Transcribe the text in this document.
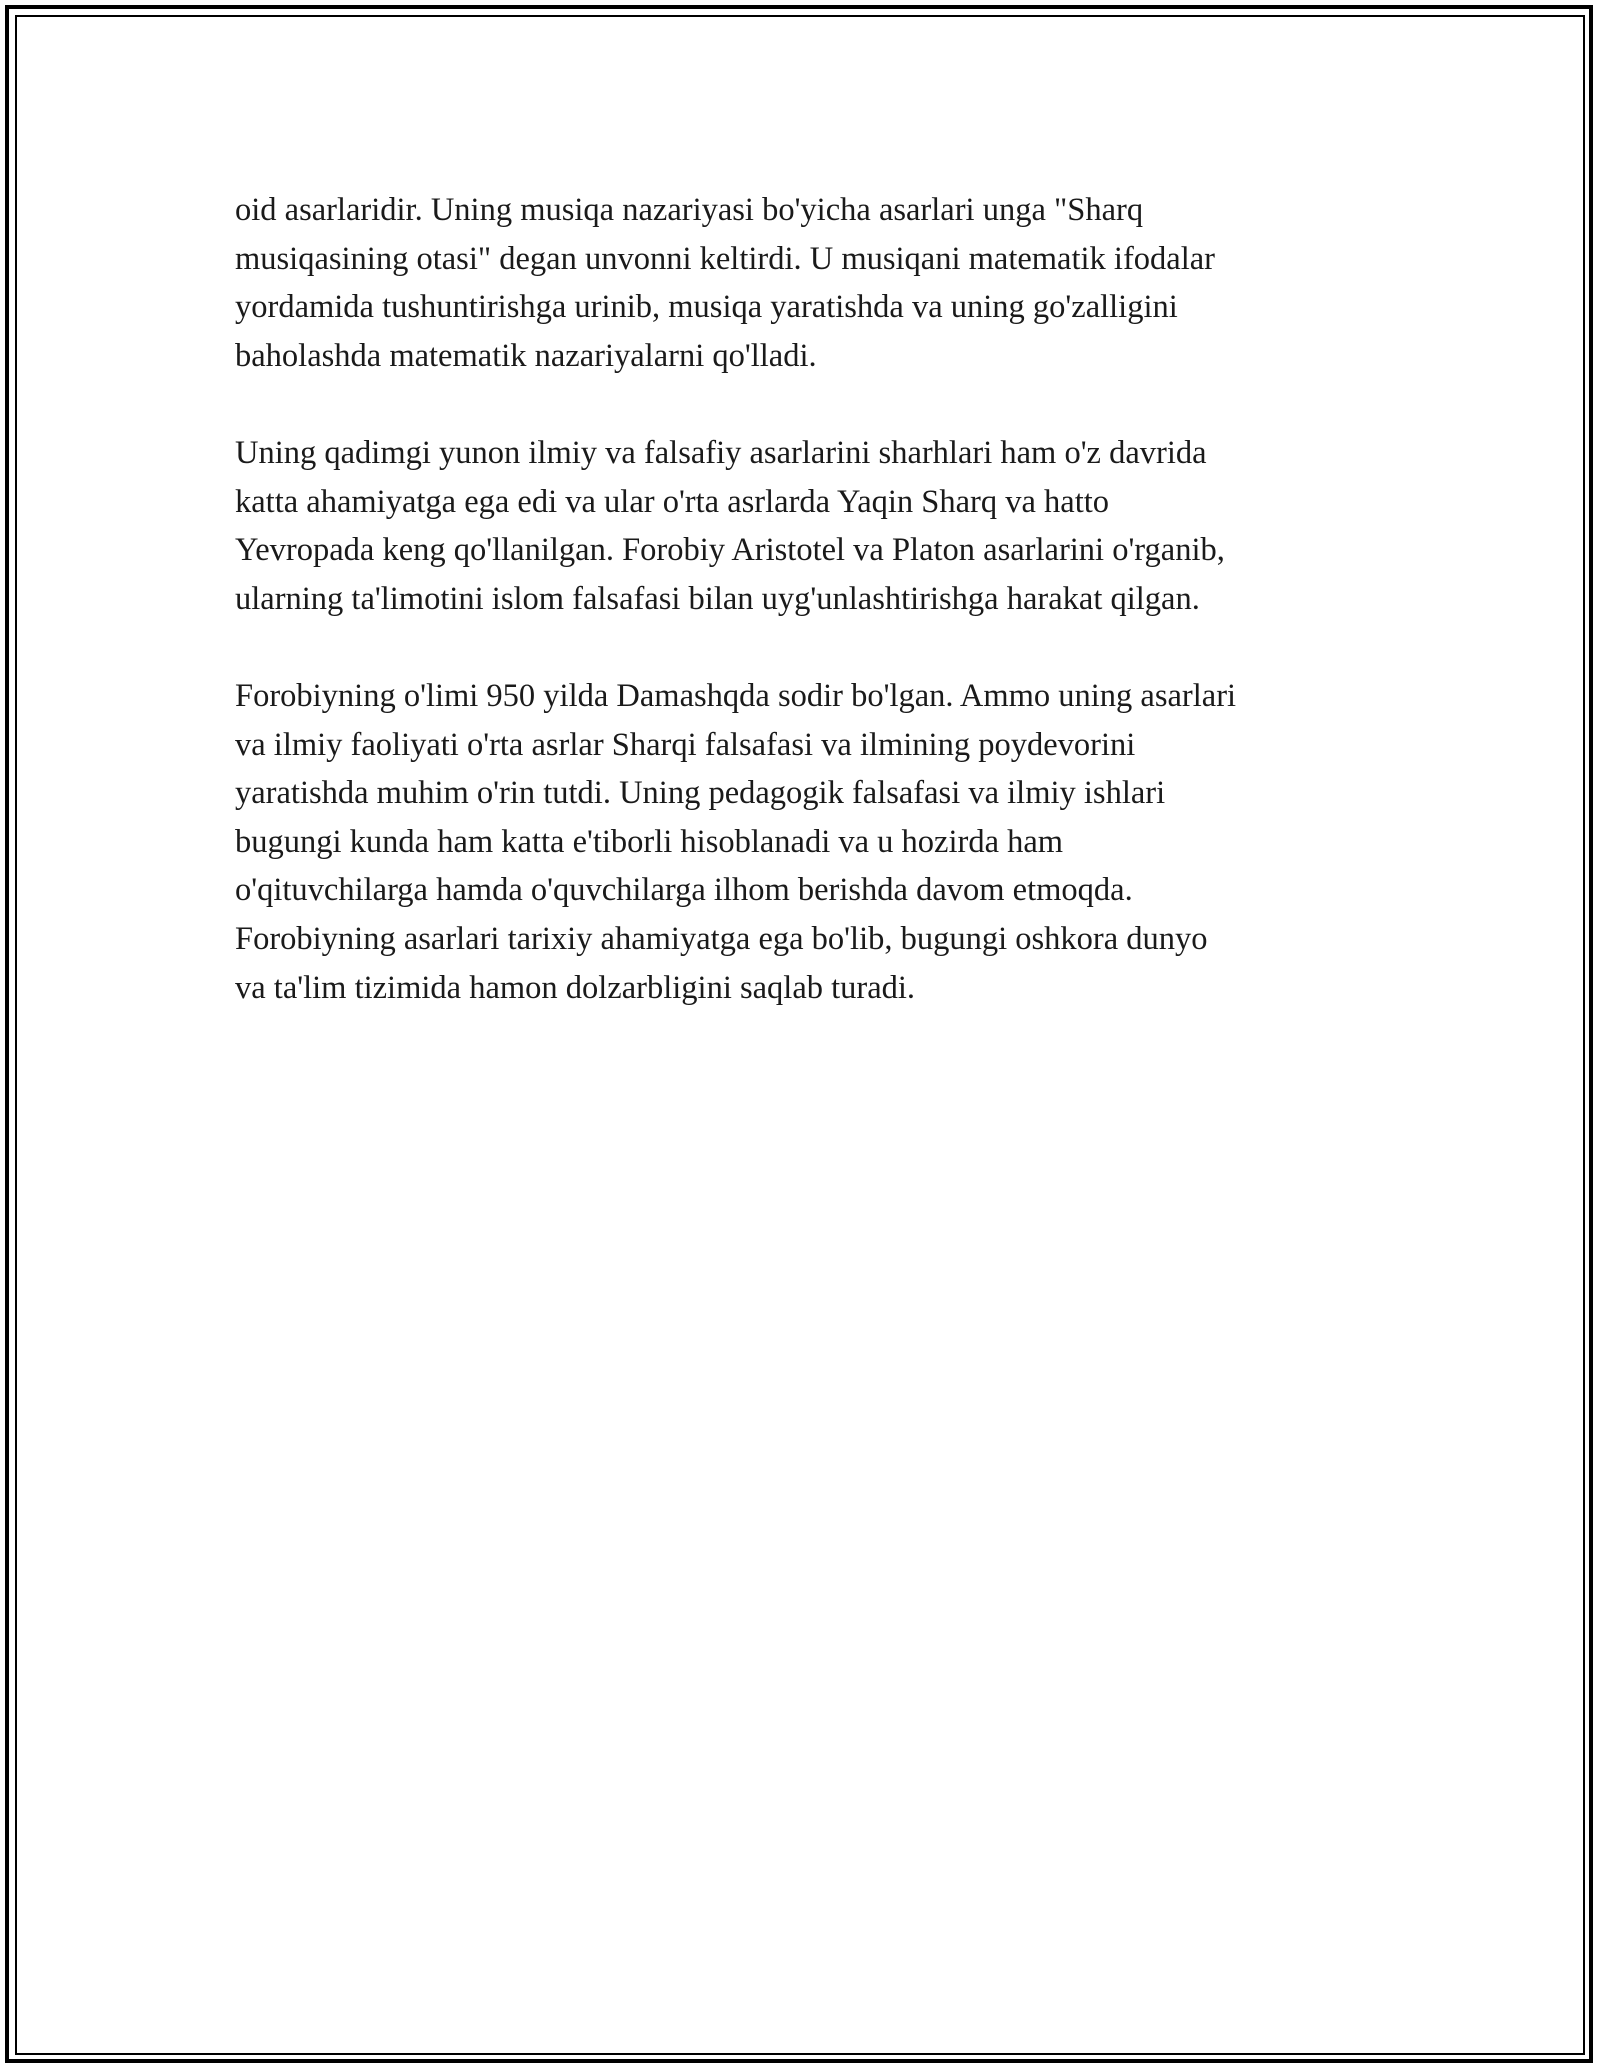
oid asarlaridir. Uning musiqa nazariyasi bo'yicha asarlari unga "Sharq
musiqasining otasi" degan unvonni keltirdi. U musiqani matematik ifodalar
yordamida tushuntirishga urinib, musiqa yaratishda va uning go'zalligini
baholashda matematik nazariyalarni qo'lladi.

Uning qadimgi yunon ilmiy va falsafiy asarlarini sharhlari ham o'z davrida
katta ahamiyatga ega edi va ular o'rta asrlarda Yaqin Sharq va hatto
Yevropada keng qo'llanilgan. Forobiy Aristotel va Platon asarlarini o'rganib,
ularning ta'limotini islom falsafasi bilan uyg'unlashtirishga harakat qilgan.

Forobiyning o'limi 950 yilda Damashqda sodir bo'lgan. Ammo uning asarlari
va ilmiy faoliyati o'rta asrlar Sharqi falsafasi va ilmining poydevorini
yaratishda muhim o'rin tutdi. Uning pedagogik falsafasi va ilmiy ishlari
bugungi kunda ham katta e'tiborli hisoblanadi va u hozirda ham
o'qituvchilarga hamda o'quvchilarga ilhom berishda davom etmoqda.
Forobiyning asarlari tarixiy ahamiyatga ega bo'lib, bugungi oshkora dunyo
va ta'lim tizimida hamon dolzarbligini saqlab turadi.
